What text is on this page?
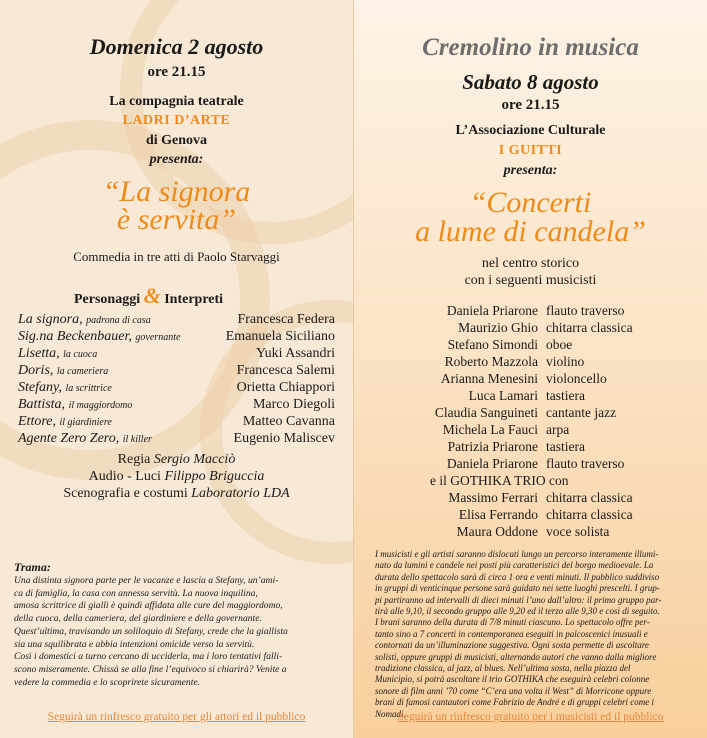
Domenica 2 agosto
ore 21.15
La compagnia teatrale
LADRI D’ARTE
di Genova
presenta:
“La signora
è servita”
Commedia in tre atti di Paolo Starvaggi
Personaggi & Interpreti
La signora, padrona di casa	Francesca Federa
Sig.na Beckenbauer, governante	Emanuela Siciliano
Lisetta, la cuoca	Yuki Assandri
Doris, la cameriera	Francesca Salemi
Stefany, la scrittrice	Orietta Chiappori
Battista, il maggiordomo	Marco Diegoli
Ettore, il giardiniere	Matteo Cavanna
Agente Zero Zero, il killer	Eugenio Maliscev
Regia Sergio Macciò
Audio - Luci Filippo Briguccia
Scenografia e costumi Laboratorio LDA
Trama:
Una distinta signora parte per le vacanze e lascia a Stefany, un’ami-
ca di famiglia, la casa con annessa servitù. La nuova inquilina,
amosa scrittrice di gialli è quindi affidata alle cure del maggiordomo,
della cuoca, della cameriera, del giardiniere e della governante.
Quest’ultima, travisando un soliloquio di Stefany, crede che la giallista
sia una squilibrata e abbia intenzioni omicide verso la servitù.
Così i domestici a turno cercano di ucciderla, ma i loro tentativi falli-
scono miseramente. Chissà se alla fine l’equivoco si chiarirà? Venite a
vedere la commedia e lo scoprirete sicuramente.
Seguirà un rinfresco gratuito per gli attori ed il pubblico
Cremolino in musica
Sabato 8 agosto
ore 21.15
L’Associazione Culturale
I GUITTI
presenta:
“Concerti
a lume di candela”
nel centro storico
con i seguenti musicisti
Daniela Priarone flauto traverso
Maurizio Ghio chitarra classica
Stefano Simondi oboe
Roberto Mazzola violino
Arianna Menesini violoncello
Luca Lamari tastiera
Claudia Sanguineti cantante jazz
Michela La Fauci arpa
Patrizia Priarone tastiera
Daniela Priarone flauto traverso
e il GOTHIKA TRIO con
Massimo Ferrari chitarra classica
Elisa Ferrando chitarra classica
Maura Oddone voce solista
I musicisti e gli artisti saranno dislocati lungo un percorso interamente illumi-
nato da lumini e candele nei posti più caratteristici del borgo medioevale. La
durata dello spettacolo sarà di circa 1 ora e venti minuti. Il pubblico suddiviso
in gruppi di venticinque persone sarà guidato nei sette luoghi prescelti. I grup-
pi partiranno ad intervalli di dieci minuti l’uno dall’altro: il primo gruppo par-
tirà alle 9,10, il secondo gruppo alle 9,20 ed il terzo alle 9,30 e così di seguito.
I brani saranno della durata di 7/8 minuti ciascuno. Lo spettacolo offre per-
tanto sino a 7 concerti in contemporanea eseguiti in palcoscenici inusuali e
contornati da un’illuminazione suggestiva. Ogni sosta permette di ascoltare
solisti, oppure gruppi di musicisti, alternando autori che vanno dalla migliore
tradizione classica, al jazz, al blues. Nell’ultima sosta, nella piazza del
Municipio, si potrà ascoltare il trio GOTHIKA che eseguirà celebri colonne
sonore di film anni ’70 come “C’era una volta il West” di Morricone oppure
brani di famosi cantautori come Fabrizio de André e di gruppi celebri come i
Nomadi.
Seguirà un rinfresco gratuito per i musicisti ed il pubblico
